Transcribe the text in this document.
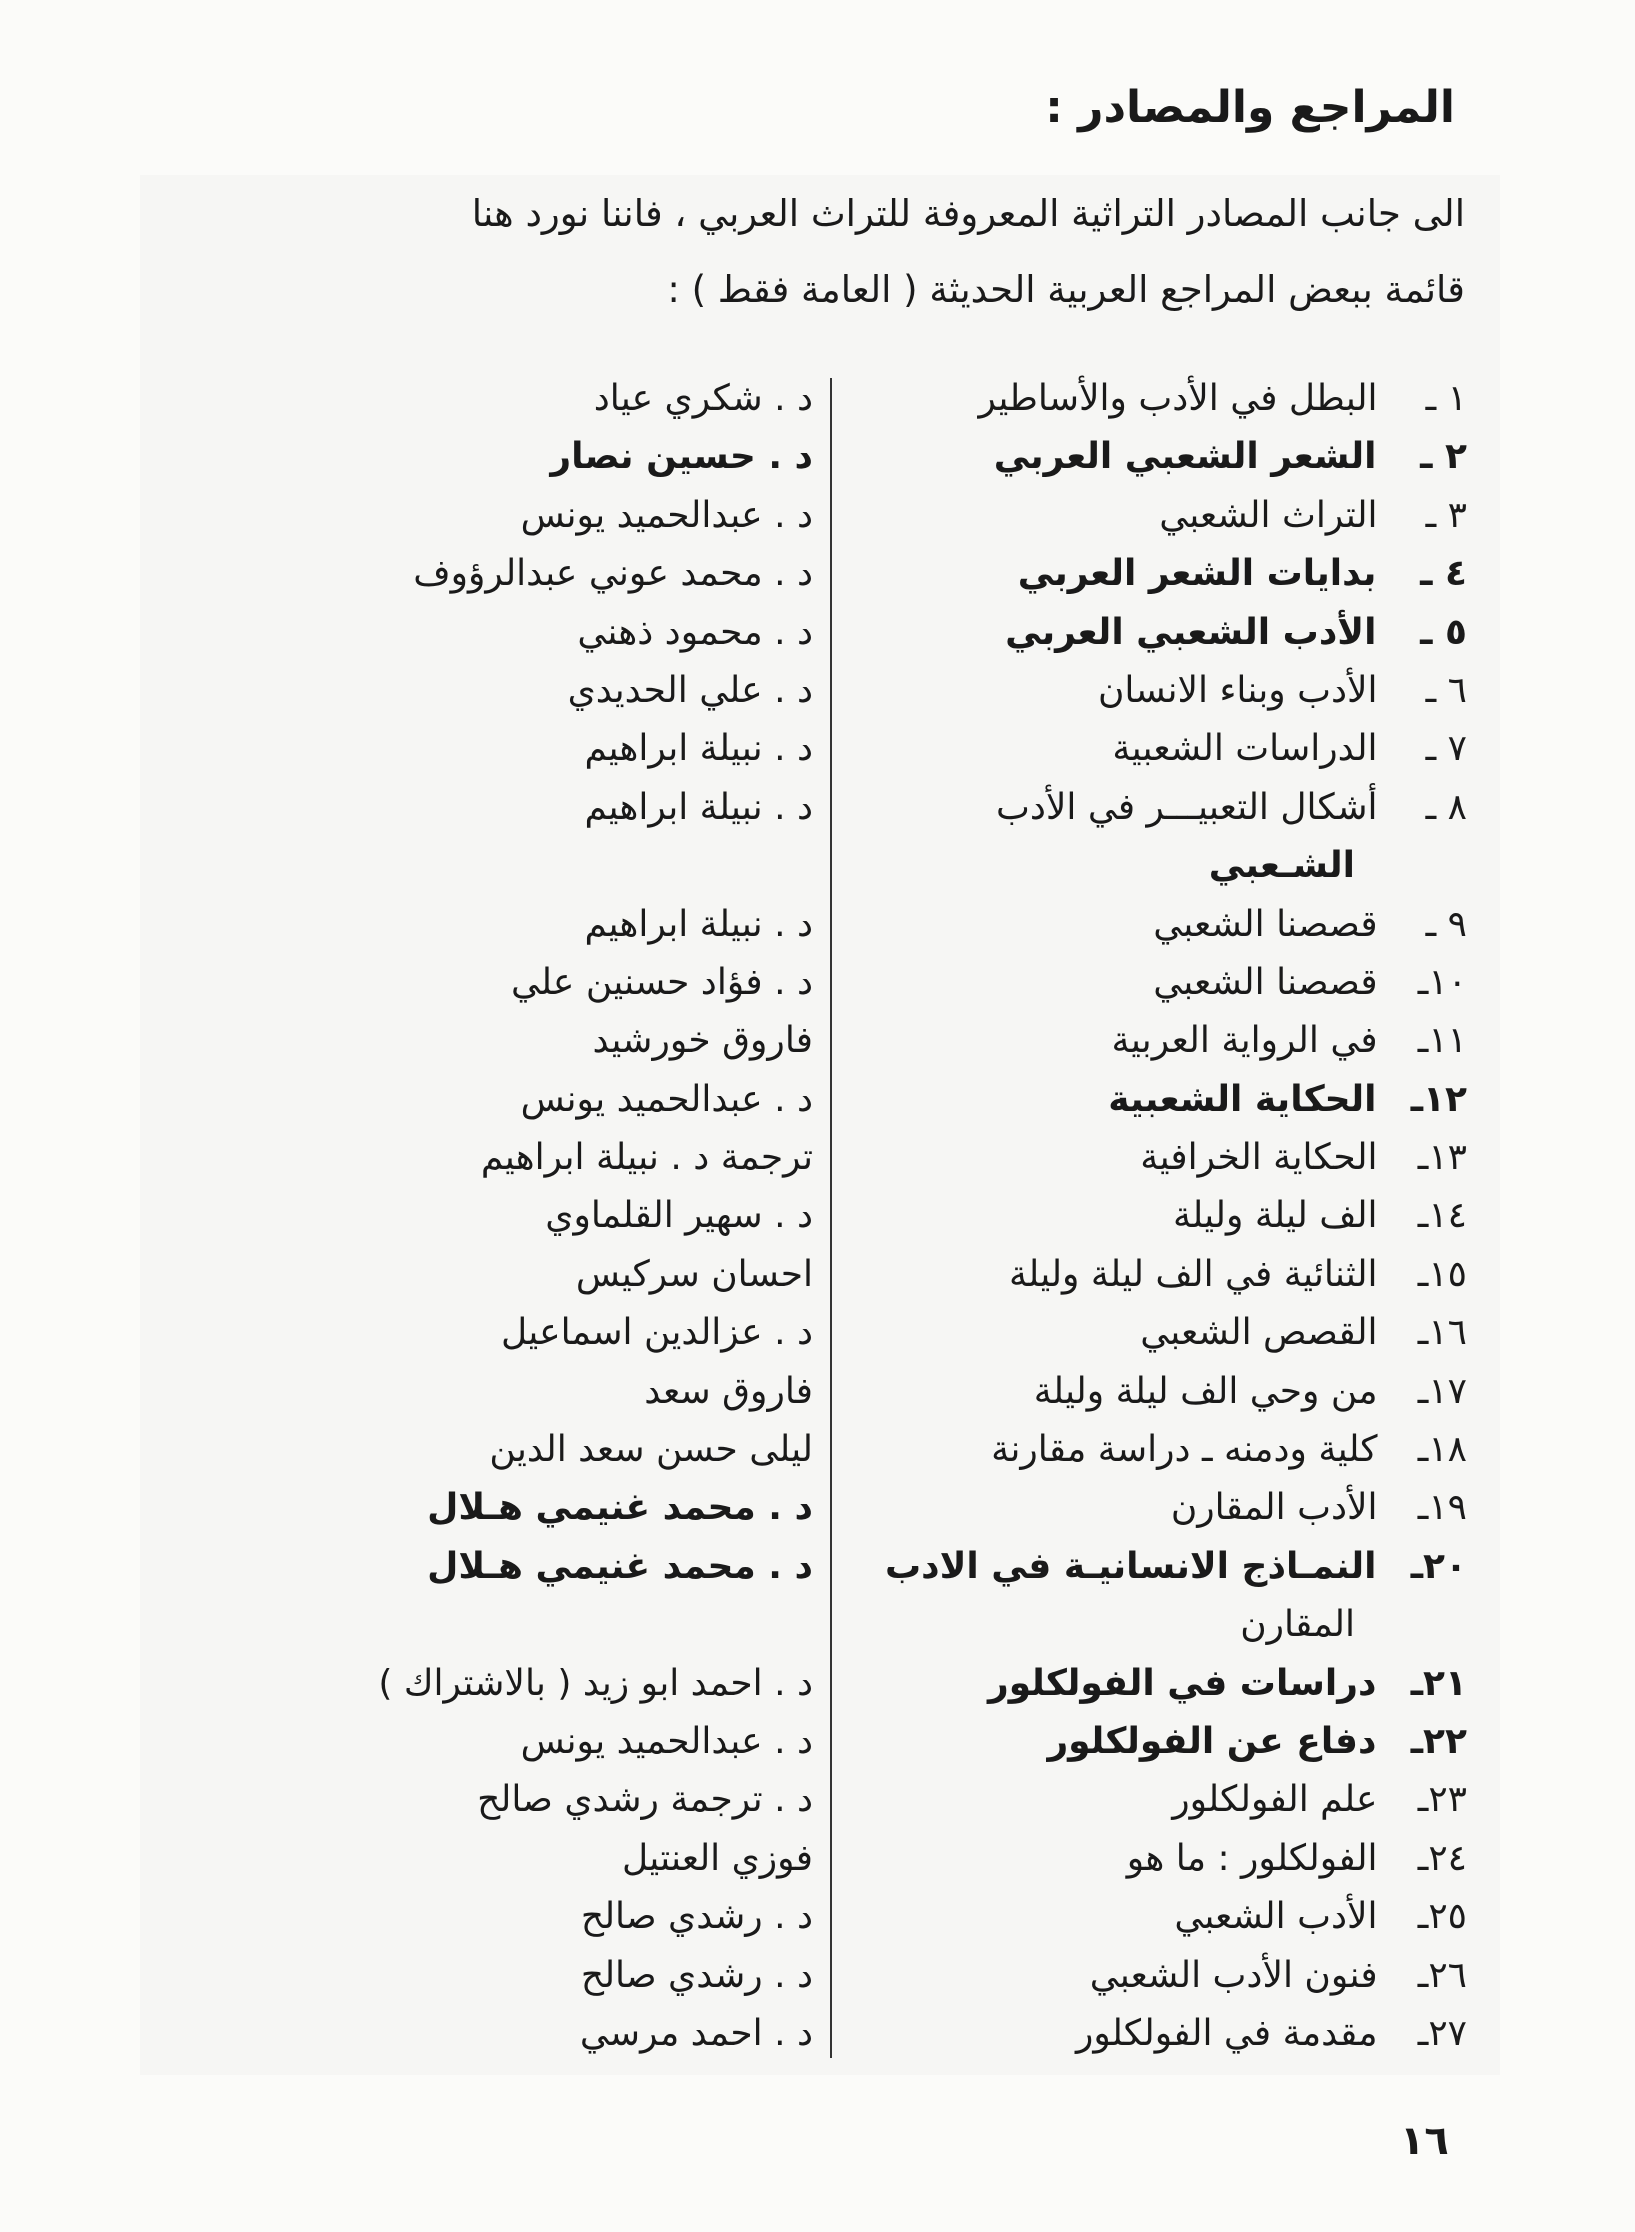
المراجع والمصادر :
الى جانب المصادر التراثية المعروفة للتراث العربي ، فاننا نورد هنا
قائمة ببعض المراجع العربية الحديثة ( العامة فقط ) :
١ ـ البطل في الأدب والأساطير
د . شكري عياد
٢ ـ الشعر الشعبي العربي
د . حسين نصار
٣ ـ التراث الشعبي
د . عبدالحميد يونس
٤ ـ بدايات الشعر العربي
د . محمد عوني عبدالرؤوف
٥ ـ الأدب الشعبي العربي
د . محمود ذهني
٦ ـ الأدب وبناء الانسان
د . علي الحديدي
٧ ـ الدراسات الشعبية
د . نبيلة ابراهيم
٨ ـ أشكال التعبيـــر في الأدب
د . نبيلة ابراهيم
الشـعبي
٩ ـ قصصنا الشعبي
د . نبيلة ابراهيم
١٠ـ قصصنا الشعبي
د . فؤاد حسنين علي
١١ـ في الرواية العربية
فاروق خورشيد
١٢ـ الحكاية الشعبية
د . عبدالحميد يونس
١٣ـ الحكاية الخرافية
ترجمة د . نبيلة ابراهيم
١٤ـ الف ليلة وليلة
د . سهير القلماوي
١٥ـ الثنائية في الف ليلة وليلة
احسان سركيس
١٦ـ القصص الشعبي
د . عزالدين اسماعيل
١٧ـ من وحي الف ليلة وليلة
فاروق سعد
١٨ـ كلية ودمنه ـ دراسة مقارنة
ليلى حسن سعد الدين
١٩ـ الأدب المقارن
د . محمد غنيمي هـلال
٢٠ـ النمـاذج الانسانيـة في الادب
د . محمد غنيمي هـلال
المقارن
٢١ـ دراسات في الفولكلور
د . احمد ابو زيد ( بالاشتراك )
٢٢ـ دفاع عن الفولكلور
د . عبدالحميد يونس
٢٣ـ علم الفولكلور
د . ترجمة رشدي صالح
٢٤ـ الفولكلور : ما هو
فوزي العنتيل
٢٥ـ الأدب الشعبي
د . رشدي صالح
٢٦ـ فنون الأدب الشعبي
د . رشدي صالح
٢٧ـ مقدمة في الفولكلور
د . احمد مرسي
١٦
